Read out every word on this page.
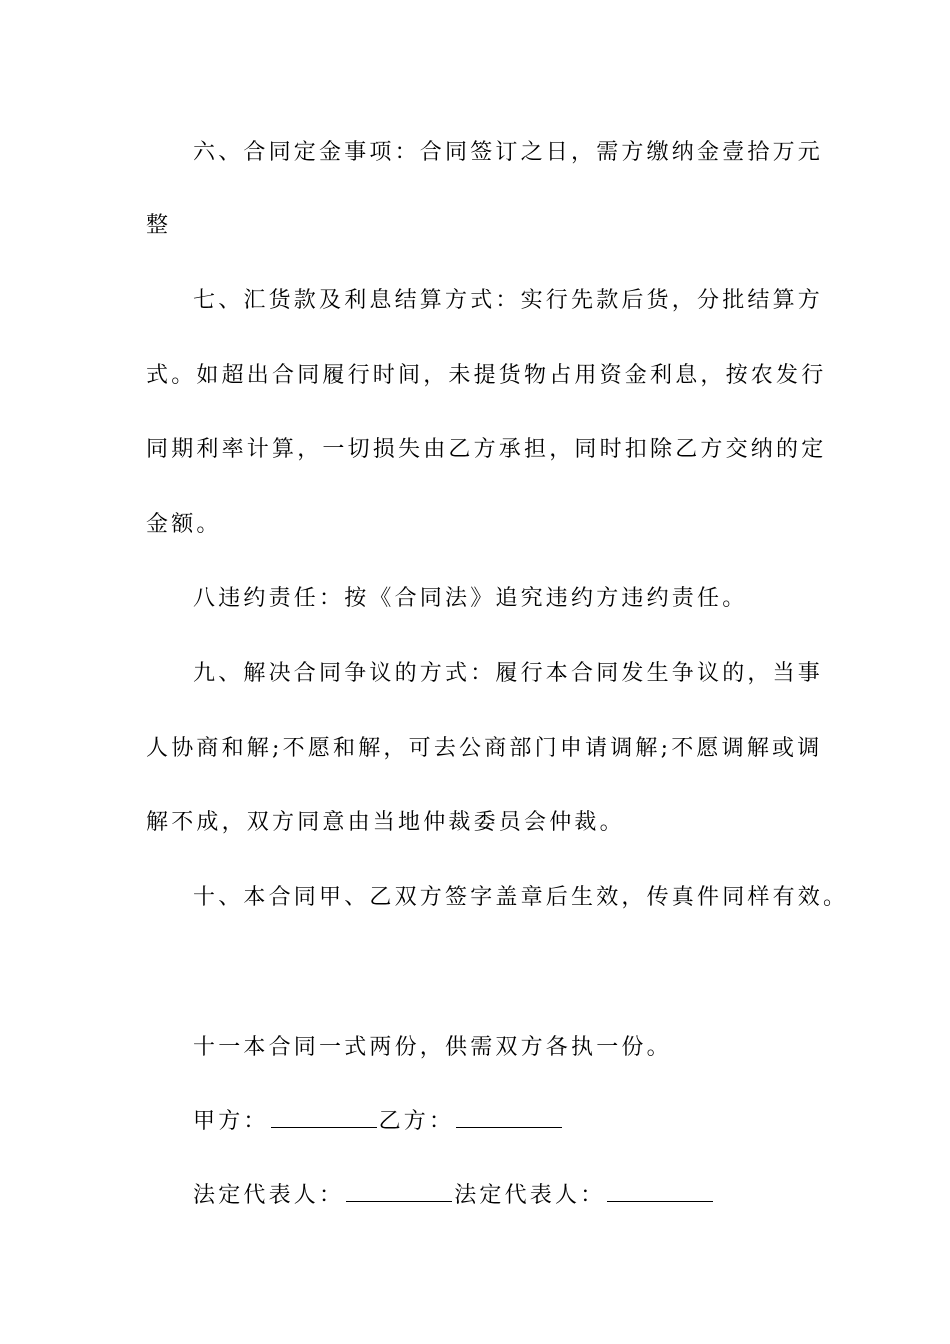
六、合同定金事项：合同签订之日，需方缴纳金壹拾万元
整
七、汇货款及利息结算方式：实行先款后货，分批结算方
式。如超出合同履行时间，未提货物占用资金利息，按农发行
同期利率计算，一切损失由乙方承担，同时扣除乙方交纳的定
金额。
八违约责任：按《合同法》追究违约方违约责任。
九、解决合同争议的方式：履行本合同发生争议的，当事
人协商和解;不愿和解，可去公商部门申请调解;不愿调解或调
解不成，双方同意由当地仲裁委员会仲裁。
十、本合同甲、乙双方签字盖章后生效，传真件同样有效。
十一本合同一式两份，供需双方各执一份。
甲方：	乙方：
法定代表人：	法定代表人：
